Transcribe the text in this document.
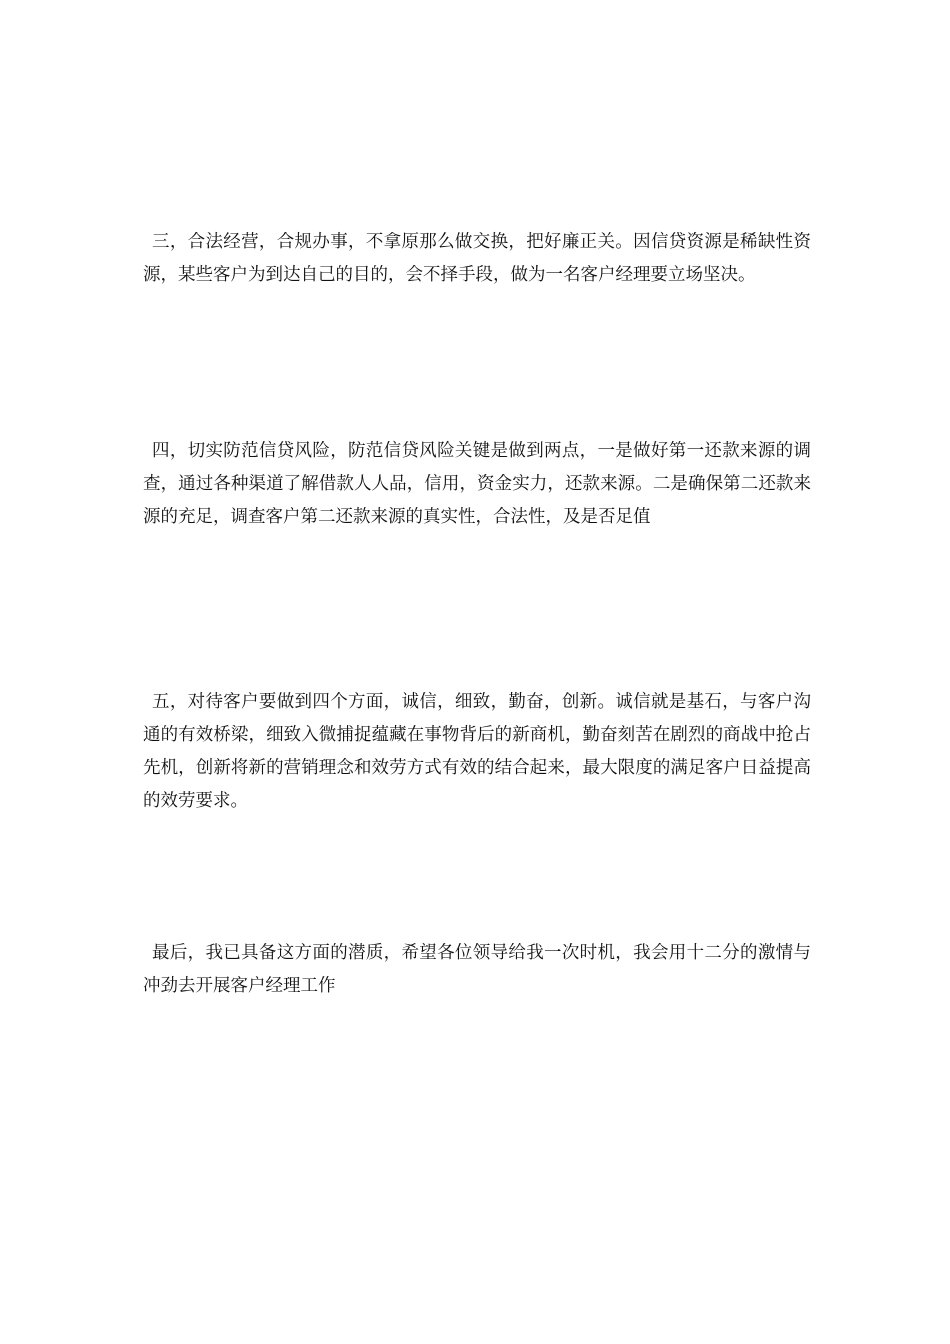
三，合法经营，合规办事，不拿原那么做交换，把好廉正关。因信贷资源是稀缺性资源，某些客户为到达自己的目的，会不择手段，做为一名客户经理要立场坚决。

四，切实防范信贷风险，防范信贷风险关键是做到两点，一是做好第一还款来源的调查，通过各种渠道了解借款人人品，信用，资金实力，还款来源。二是确保第二还款来源的充足，调查客户第二还款来源的真实性，合法性，及是否足值

五，对待客户要做到四个方面，诚信，细致，勤奋，创新。诚信就是基石，与客户沟通的有效桥梁，细致入微捕捉蕴藏在事物背后的新商机，勤奋刻苦在剧烈的商战中抢占先机，创新将新的营销理念和效劳方式有效的结合起来，最大限度的满足客户日益提高的效劳要求。

最后，我已具备这方面的潜质，希望各位领导给我一次时机，我会用十二分的激情与冲劲去开展客户经理工作
